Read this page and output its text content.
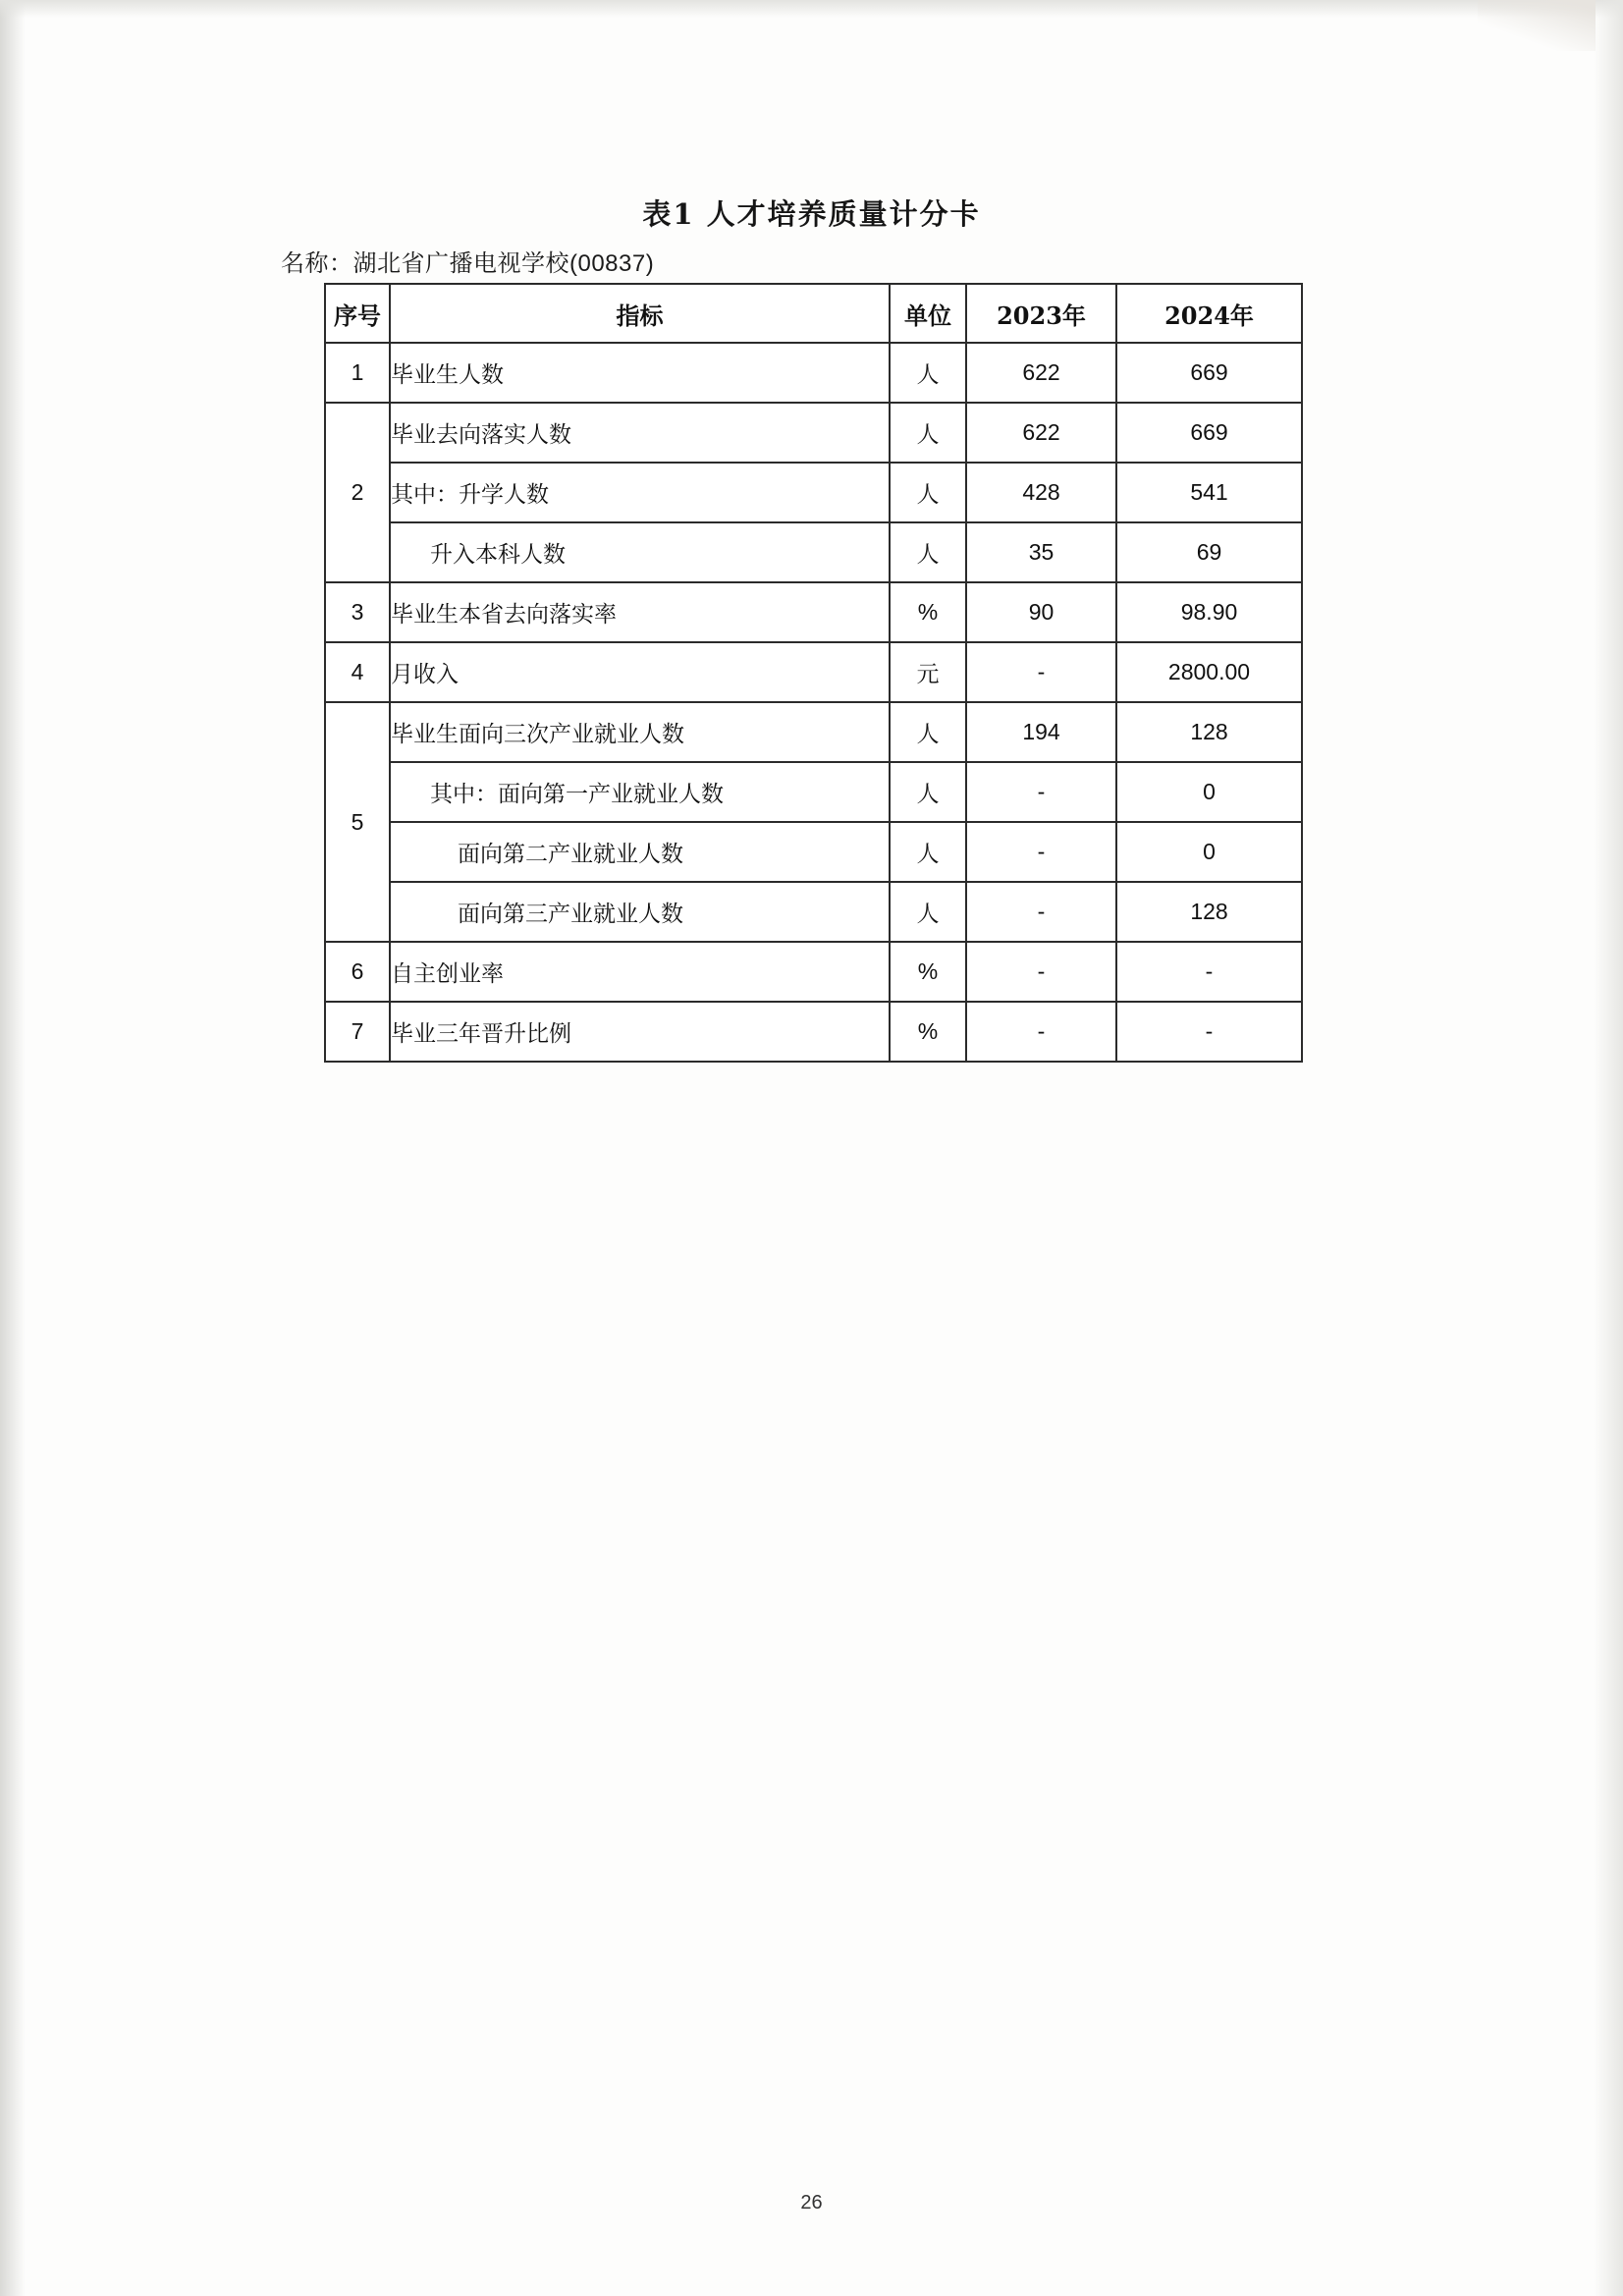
表1 人才培养质量计分卡
名称：湖北省广播电视学校(00837)
序号	指标	单位	2023年	2024年
1	毕业生人数	人	622	669
2	毕业去向落实人数	人	622	669
	其中：升学人数	人	428	541
	升入本科人数	人	35	69
3	毕业生本省去向落实率	%	90	98.90
4	月收入	元	-	2800.00
5	毕业生面向三次产业就业人数	人	194	128
	其中：面向第一产业就业人数	人	-	0
	面向第二产业就业人数	人	-	0
	面向第三产业就业人数	人	-	128
6	自主创业率	%	-	-
7	毕业三年晋升比例	%	-	-
26
